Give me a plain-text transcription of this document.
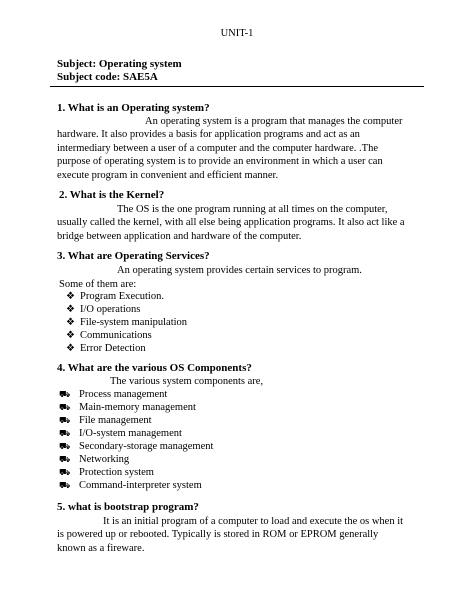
UNIT-1
Subject: Operating system
Subject code: SAE5A
1. What is an Operating system?
An operating system is a program that manages the computer
hardware. It also provides a basis for application programs and act as an
intermediary between a user of a computer and the computer hardware. .The
purpose of operating system is to provide an environment in which a user can
execute program in convenient and efficient manner.
2. What is the Kernel?
The OS is the one program running at all times on the computer,
usually called the kernel, with all else being application programs. It also act like a
bridge between application and hardware of the computer.
3. What are Operating Services?
An operating system provides certain services to program.
Some of them are:
❖ Program Execution.
❖ I/O operations
❖ File-system manipulation
❖ Communications
❖ Error Detection
4. What are the various OS Components?
The various system components are,
⛟ Process management
⛟ Main-memory management
⛟ File management
⛟ I/O-system management
⛟ Secondary-storage management
⛟ Networking
⛟ Protection system
⛟ Command-interpreter system
5. what is bootstrap program?
It is an initial program of a computer to load and execute the os when it
is powered up or rebooted. Typically is stored in ROM or EPROM generally
known as a fireware.
